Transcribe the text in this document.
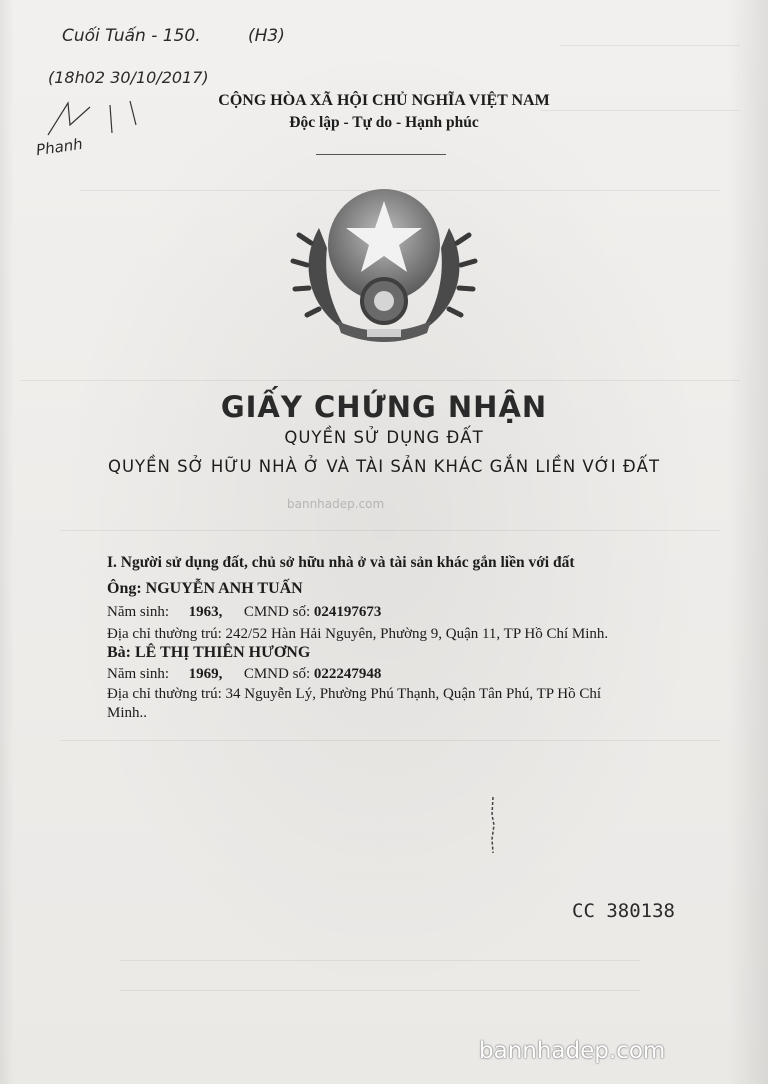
Cuối Tuấn - 150.	(H3)
(18h02 30/10/2017)
Phanh
CỘNG HÒA XÃ HỘI CHỦ NGHĨA VIỆT NAM
Độc lập - Tự do - Hạnh phúc
bannhadep.com
GIẤY CHỨNG NHẬN
QUYỀN SỬ DỤNG ĐẤT
QUYỀN SỞ HỮU NHÀ Ở VÀ TÀI SẢN KHÁC GẮN LIỀN VỚI ĐẤT
I. Người sử dụng đất, chủ sở hữu nhà ở và tài sản khác gắn liền với đất
Ông: NGUYỄN ANH TUẤN
Năm sinh: 1963, CMND số: 024197673
Địa chỉ thường trú: 242/52 Hàn Hải Nguyên, Phường 9, Quận 11, TP Hồ Chí Minh.
Bà: LÊ THỊ THIÊN HƯƠNG
Năm sinh: 1969, CMND số: 022247948
Địa chỉ thường trú: 34 Nguyễn Lý, Phường Phú Thạnh, Quận Tân Phú, TP Hồ Chí
Minh..
CC 380138
bannhadep.com
